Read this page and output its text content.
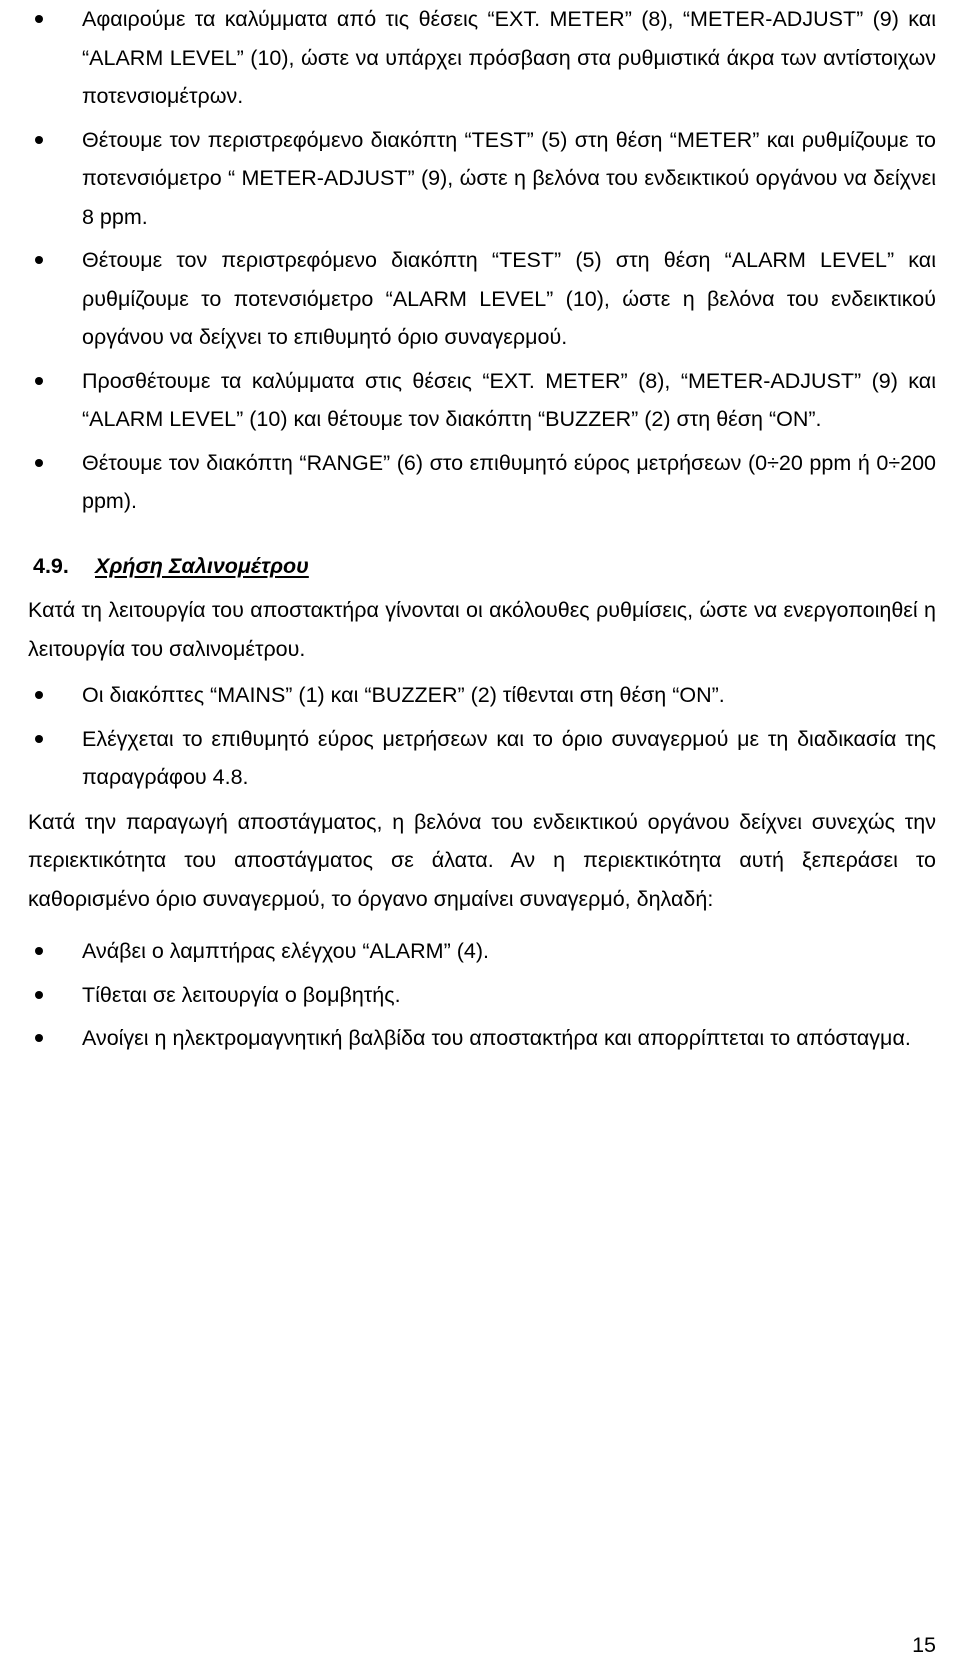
Αφαιρούμε τα καλύμματα από τις θέσεις “EXT. METER” (8), “METER-ADJUST” (9) και “ALARM LEVEL” (10), ώστε να υπάρχει πρόσβαση στα ρυθμιστικά άκρα των αντίστοιχων ποτενσιομέτρων.

Θέτουμε τον περιστρεφόμενο διακόπτη “TEST” (5) στη θέση “METER” και ρυθμίζουμε το ποτενσιόμετρο “ METER-ADJUST” (9), ώστε η βελόνα του ενδεικτικού οργάνου να δείχνει 8 ppm.

Θέτουμε τον περιστρεφόμενο διακόπτη “TEST” (5) στη θέση “ALARM LEVEL” και ρυθμίζουμε το ποτενσιόμετρο “ALARM LEVEL” (10), ώστε η βελόνα του ενδεικτικού οργάνου να δείχνει το επιθυμητό όριο συναγερμού.

Προσθέτουμε τα καλύμματα στις θέσεις “EXT. METER” (8), “METER-ADJUST” (9) και “ALARM LEVEL” (10) και θέτουμε τον διακόπτη “BUZZER” (2) στη θέση “ON”.

Θέτουμε τον διακόπτη “RANGE” (6) στο επιθυμητό εύρος μετρήσεων (0÷20 ppm ή 0÷200 ppm).

4.9. Χρήση Σαλινομέτρου

Κατά τη λειτουργία του αποστακτήρα γίνονται οι ακόλουθες ρυθμίσεις, ώστε να ενεργοποιηθεί η λειτουργία του σαλινομέτρου.

Οι διακόπτες “MAINS” (1) και “BUZZER” (2) τίθενται στη θέση “ON”.

Ελέγχεται το επιθυμητό εύρος μετρήσεων και το όριο συναγερμού με τη διαδικασία της παραγράφου 4.8.

Κατά την παραγωγή αποστάγματος, η βελόνα του ενδεικτικού οργάνου δείχνει συνεχώς την περιεκτικότητα του αποστάγματος σε άλατα. Αν η περιεκτικότητα αυτή ξεπεράσει το καθορισμένο όριο συναγερμού, το όργανο σημαίνει συναγερμό, δηλαδή:

Ανάβει ο λαμπτήρας ελέγχου “ALARM” (4).

Τίθεται σε λειτουργία ο βομβητής.

Ανοίγει η ηλεκτρομαγνητική βαλβίδα του αποστακτήρα και απορρίπτεται το απόσταγμα.

15
